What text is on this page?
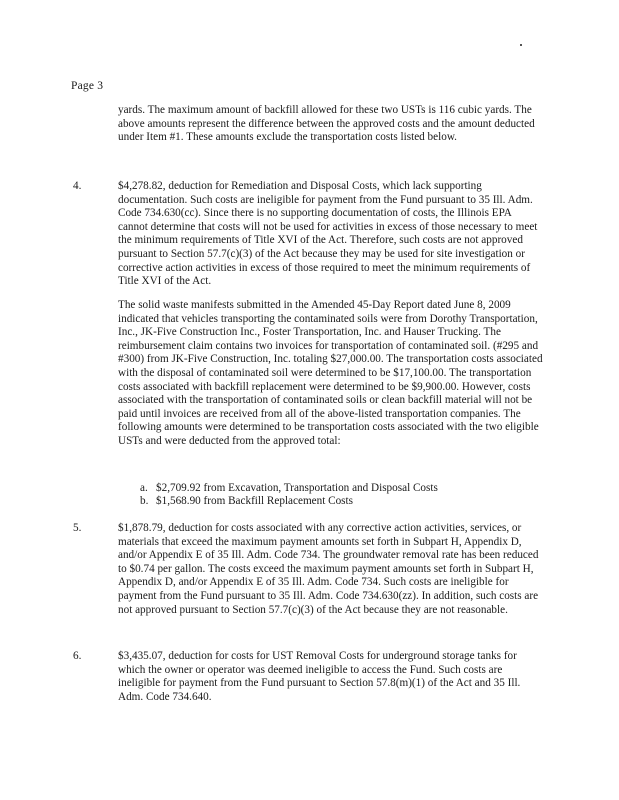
Page 3

yards. The maximum amount of backfill allowed for these two USTs is 116 cubic yards. The above amounts represent the difference between the approved costs and the amount deducted under Item #1. These amounts exclude the transportation costs listed below.

4.	$4,278.82, deduction for Remediation and Disposal Costs, which lack supporting documentation. Such costs are ineligible for payment from the Fund pursuant to 35 Ill. Adm. Code 734.630(cc). Since there is no supporting documentation of costs, the Illinois EPA cannot determine that costs will not be used for activities in excess of those necessary to meet the minimum requirements of Title XVI of the Act. Therefore, such costs are not approved pursuant to Section 57.7(c)(3) of the Act because they may be used for site investigation or corrective action activities in excess of those required to meet the minimum requirements of Title XVI of the Act.

The solid waste manifests submitted in the Amended 45-Day Report dated June 8, 2009 indicated that vehicles transporting the contaminated soils were from Dorothy Transportation, Inc., JK-Five Construction Inc., Foster Transportation, Inc. and Hauser Trucking. The reimbursement claim contains two invoices for transportation of contaminated soil. (#295 and #300) from JK-Five Construction, Inc. totaling $27,000.00. The transportation costs associated with the disposal of contaminated soil were determined to be $17,100.00. The transportation costs associated with backfill replacement were determined to be $9,900.00. However, costs associated with the transportation of contaminated soils or clean backfill material will not be paid until invoices are received from all of the above-listed transportation companies. The following amounts were determined to be transportation costs associated with the two eligible USTs and were deducted from the approved total:

a. $2,709.92 from Excavation, Transportation and Disposal Costs
b. $1,568.90 from Backfill Replacement Costs
5.	$1,878.79, deduction for costs associated with any corrective action activities, services, or materials that exceed the maximum payment amounts set forth in Subpart H, Appendix D, and/or Appendix E of 35 Ill. Adm. Code 734. The groundwater removal rate has been reduced to $0.74 per gallon. The costs exceed the maximum payment amounts set forth in Subpart H, Appendix D, and/or Appendix E of 35 Ill. Adm. Code 734. Such costs are ineligible for payment from the Fund pursuant to 35 Ill. Adm. Code 734.630(zz). In addition, such costs are not approved pursuant to Section 57.7(c)(3) of the Act because they are not reasonable.

6.	$3,435.07, deduction for costs for UST Removal Costs for underground storage tanks for which the owner or operator was deemed ineligible to access the Fund. Such costs are ineligible for payment from the Fund pursuant to Section 57.8(m)(1) of the Act and 35 Ill. Adm. Code 734.640.
